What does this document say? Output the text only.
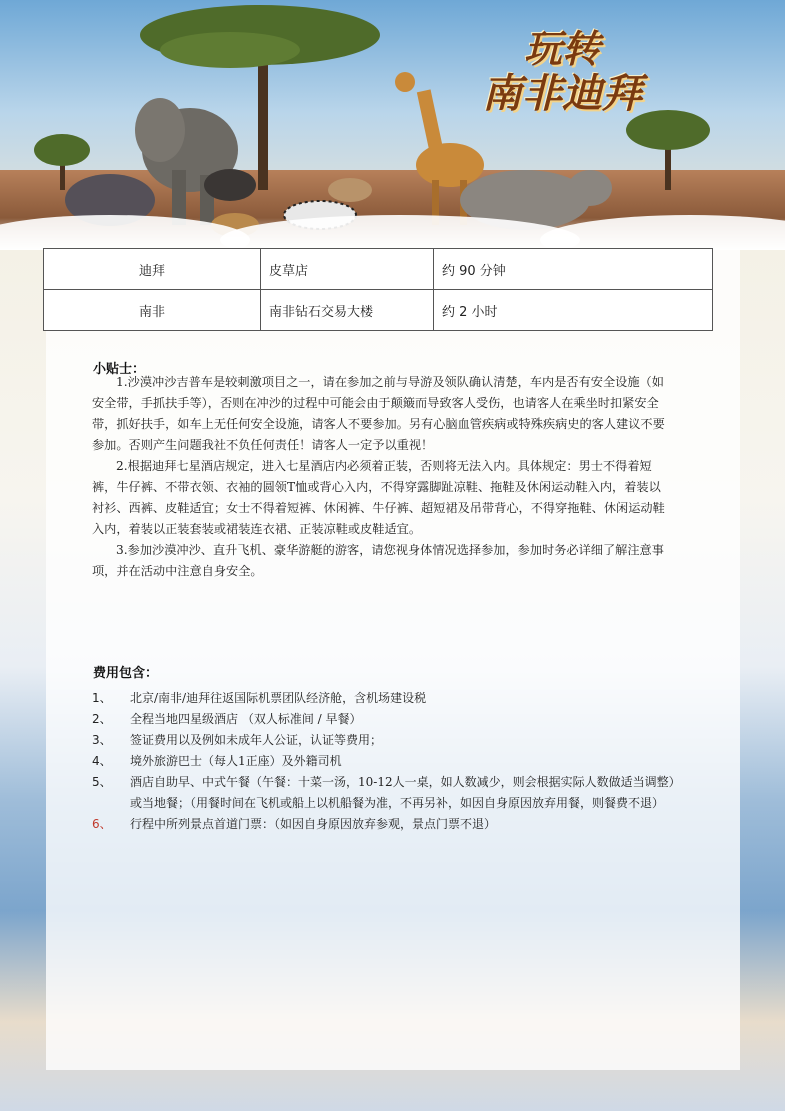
玩转
南非迪拜
迪拜	皮草店	约 90 分钟
南非	南非钻石交易大楼	约 2 小时
小贴士：

1.沙漠冲沙吉普车是较刺激项目之一，请在参加之前与导游及领队确认清楚，车内是否有安全设施（如安全带，手抓扶手等），否则在冲沙的过程中可能会由于颠簸而导致客人受伤，也请客人在乘坐时扣紧安全带，抓好扶手，如车上无任何安全设施，请客人不要参加。另有心脑血管疾病或特殊疾病史的客人建议不要参加。否则产生问题我社不负任何责任！请客人一定予以重视！

2.根据迪拜七星酒店规定，进入七星酒店内必须着正装，否则将无法入内。具体规定：男士不得着短裤，牛仔裤、不带衣领、衣袖的圆领T恤或背心入内，不得穿露脚趾凉鞋、拖鞋及休闲运动鞋入内，着装以衬衫、西裤、皮鞋适宜；女士不得着短裤、休闲裤、牛仔裤、超短裙及吊带背心，不得穿拖鞋、休闲运动鞋入内，着装以正装套装或裙装连衣裙、正装凉鞋或皮鞋适宜。

3.参加沙漠冲沙、直升飞机、豪华游艇的游客，请您视身体情况选择参加，参加时务必详细了解注意事项，并在活动中注意自身安全。

费用包含：
1、	北京/南非/迪拜往返国际机票团队经济舱，含机场建设税
2、	全程当地四星级酒店 （双人标准间 / 早餐）
3、	签证费用以及例如未成年人公证，认证等费用；
4、	境外旅游巴士（每人1正座）及外籍司机
5、	酒店自助早、中式午餐（午餐：十菜一汤，10-12人一桌，如人数减少，则会根据实际人数做适当调整）或当地餐；（用餐时间在飞机或船上以机船餐为准，不再另补，如因自身原因放弃用餐，则餐费不退）
6、	行程中所列景点首道门票：（如因自身原因放弃参观，景点门票不退）
